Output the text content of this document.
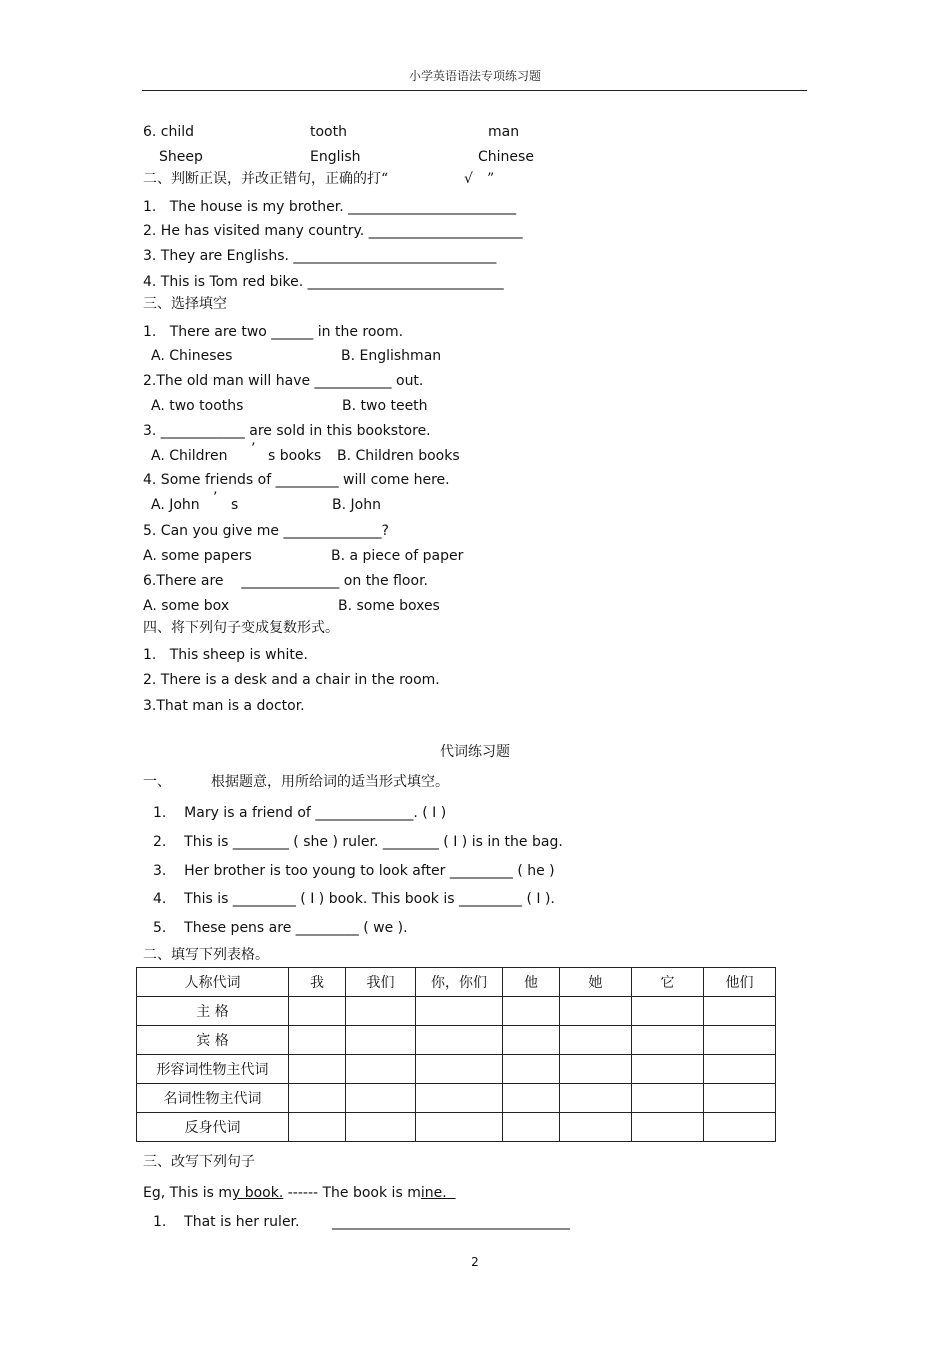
小学英语语法专项练习题
6. child	tooth	man
Sheep	English	Chinese
二、判断正误，并改正错句，正确的打“	√ ”
1.   The house is my brother. ________________________
2. He has visited many country. ______________________
3. They are Englishs. _____________________________
4. This is Tom red bike. ____________________________
三、选择填空
1.   There are two ______ in the room.
A. Chineses	B. Englishman
2.The old man will have ___________ out.
A. two tooths	B. two teeth
3. ____________ are sold in this bookstore.
A. Children ’ s books B. Children books
4. Some friends of _________ will come here.
A. John ’ s	B. John
5. Can you give me ______________?
A. some papers	B. a piece of paper
6.There are    ______________ on the floor.
A. some box	B. some boxes
四、将下列句子变成复数形式。
1.   This sheep is white.
2. There is a desk and a chair in the room.
3.That man is a doctor.
代词练习题
一、	根据题意，用所给词的适当形式填空。
1.    Mary is a friend of ______________. ( I )
2.    This is ________ ( she ) ruler. ________ ( I ) is in the bag.
3.    Her brother is too young to look after _________ ( he )
4.    This is _________ ( I ) book. This book is _________ ( I ).
5.    These pens are _________ ( we ).
二、填写下列表格。
人称代词	我	我们	你，你们	他	她	它	他们
主 格							
宾 格							
形容词性物主代词							
名词性物主代词							
反身代词							
三、改写下列句子
Eg, This is my book. ------ The book is mine.
1.    That is her ruler. __________________________________
2
